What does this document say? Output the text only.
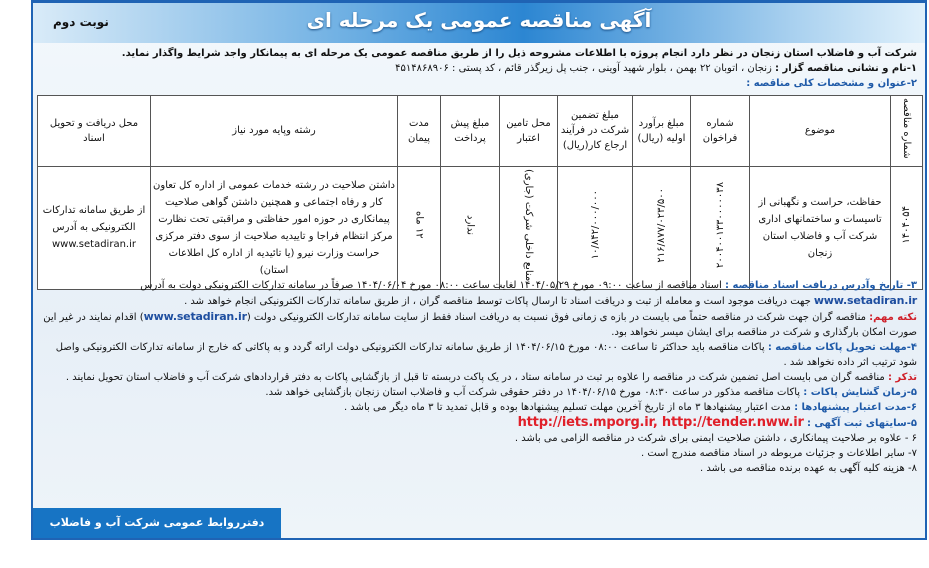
آگهی مناقصه عمومی یک مرحله ای
نوبت دوم
شرکت آب و فاضلاب استان زنجان در نظر دارد انجام پروژه با اطلاعات مشروحه ذیل را از طریق مناقصه عمومی یک مرحله ای به پیمانکار واجد شرایط واگذار نماید.
۱-نام و نشانی مناقصه گزار : زنجان ، اتوبان ۲۲ بهمن ، بلوار شهید آوینی ، جنب پل زیرگذر قائم ، کد پستی : ۴۵۱۴۸۶۸۹۰۶
۲-عنوان و مشخصات کلی مناقصه :
شماره مناقصه	موضوع	شماره فراخوان	مبلغ برآورد اولیه (ریال)	مبلغ تضمین شرکت در فرآیند ارجاع کار(ریال)	محل تامین اعتبار	مبلغ پیش پرداخت	مدت پیمان	رشته وپایه مورد نیاز	محل دریافت و تحویل اسناد
۱۴۰۴۰۵۴	حفاظت، حراست و نگهبانی از تاسیسات و ساختمانهای اداری شرکت آب و فاضلاب استان زنجان	۲۰۰۴۰۰۱۳۳۰۰۰۰۰۳۸	۲۱۶/۸۷۷/۰۲۳/۵۰۰	۱۰/۸۴۲/۰۰۰/۰۰۰	منابع داخلی شرکت (جاری)	ندارد	۱۲ ماه	داشتن صلاحیت در رشته خدمات عمومی از اداره کل تعاون کار و رفاه اجتماعی و همچنین داشتن گواهی صلاحیت پیمانکاری در حوزه امور حفاظتی و مراقبتی تحت نظارت مرکز انتظام فراجا و تاییدیه صلاحیت از سوی دفتر مرکزی حراست وزارت نیرو (یا تائیدیه از اداره کل اطلاعات استان)	از طریق سامانه تدارکات الکترونیکی به آدرس www.setadiran.ir
۳- تاریخ وآدرس دریافت اسناد مناقصه : اسناد مناقصه از ساعت ۰۹:۰۰ مورخ ۱۴۰۴/۰۵/۲۹ لغایت ساعت ۰۸:۰۰ مورخ ۱۴۰۴/۰۶/۰۴ صرفاً در سامانه تدارکات الکترونیکی دولت به آدرس www.setadiran.ir جهت دریافت موجود است و معامله از ثبت و دریافت اسناد تا ارسال پاکات توسط مناقصه گران ، از طریق سامانه تدارکات الکترونیکی انجام خواهد شد .
نکته مهم: مناقصه گران جهت شرکت در مناقصه حتماً می بایست در بازه ی زمانی فوق نسبت به دریافت اسناد فقط از سایت سامانه تدارکات الکترونیکی دولت (www.setadiran.ir) اقدام نمایند در غیر این صورت امکان بارگذاری و شرکت در مناقصه برای ایشان میسر نخواهد بود.
۴-مهلت تحویل پاکات مناقصه : پاکات مناقصه باید حداکثر تا ساعت ۰۸:۰۰ مورخ ۱۴۰۴/۰۶/۱۵ از طریق سامانه تدارکات الکترونیکی دولت ارائه گردد و به پاکاتی که خارج از سامانه تدارکات الکترونیکی واصل شود ترتیب اثر داده نخواهد شد .
تذکر : مناقصه گران می بایست اصل تضمین شرکت در مناقصه را علاوه بر ثبت در سامانه ستاد ، در یک پاکت دربسته تا قبل از بازگشایی پاکات به دفتر قراردادهای شرکت آب و فاضلاب استان تحویل نمایند .
۵-زمان گشایش پاکات : پاکات مناقصه مذکور در ساعت ۰۸:۳۰ مورخ ۱۴۰۴/۰۶/۱۵ در دفتر حقوقی شرکت آب و فاضلاب استان زنجان بازگشایی خواهد شد.
۶-مدت اعتبار پیشنهادها : مدت اعتبار پیشنهادها ۳ ماه از تاریخ آخرین مهلت تسلیم پیشنهادها بوده و قابل تمدید تا ۳ ماه دیگر می باشد .
۵-سایتهای ثبت آگهی : http://iets.mporg.ir, http://tender.nww.ir
۶ - علاوه بر صلاحیت پیمانکاری ، داشتن صلاحیت ایمنی برای شرکت در مناقصه الزامی می باشد .
۷- سایر اطلاعات و جزئیات مربوطه در اسناد مناقصه مندرج است .
۸- هزینه کلیه آگهی به عهده برنده مناقصه می باشد .
دفترروابط عمومی شرکت آب و فاضلاب استان زنجان
